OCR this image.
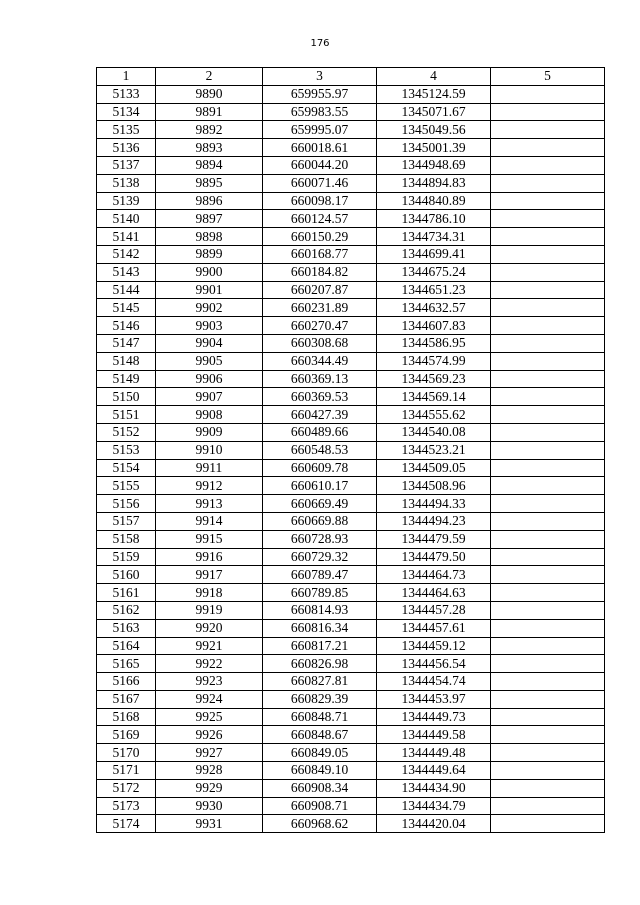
176
1	2	3	4	5
5133	9890	659955.97	1345124.59	
5134	9891	659983.55	1345071.67	
5135	9892	659995.07	1345049.56	
5136	9893	660018.61	1345001.39	
5137	9894	660044.20	1344948.69	
5138	9895	660071.46	1344894.83	
5139	9896	660098.17	1344840.89	
5140	9897	660124.57	1344786.10	
5141	9898	660150.29	1344734.31	
5142	9899	660168.77	1344699.41	
5143	9900	660184.82	1344675.24	
5144	9901	660207.87	1344651.23	
5145	9902	660231.89	1344632.57	
5146	9903	660270.47	1344607.83	
5147	9904	660308.68	1344586.95	
5148	9905	660344.49	1344574.99	
5149	9906	660369.13	1344569.23	
5150	9907	660369.53	1344569.14	
5151	9908	660427.39	1344555.62	
5152	9909	660489.66	1344540.08	
5153	9910	660548.53	1344523.21	
5154	9911	660609.78	1344509.05	
5155	9912	660610.17	1344508.96	
5156	9913	660669.49	1344494.33	
5157	9914	660669.88	1344494.23	
5158	9915	660728.93	1344479.59	
5159	9916	660729.32	1344479.50	
5160	9917	660789.47	1344464.73	
5161	9918	660789.85	1344464.63	
5162	9919	660814.93	1344457.28	
5163	9920	660816.34	1344457.61	
5164	9921	660817.21	1344459.12	
5165	9922	660826.98	1344456.54	
5166	9923	660827.81	1344454.74	
5167	9924	660829.39	1344453.97	
5168	9925	660848.71	1344449.73	
5169	9926	660848.67	1344449.58	
5170	9927	660849.05	1344449.48	
5171	9928	660849.10	1344449.64	
5172	9929	660908.34	1344434.90	
5173	9930	660908.71	1344434.79	
5174	9931	660968.62	1344420.04	
